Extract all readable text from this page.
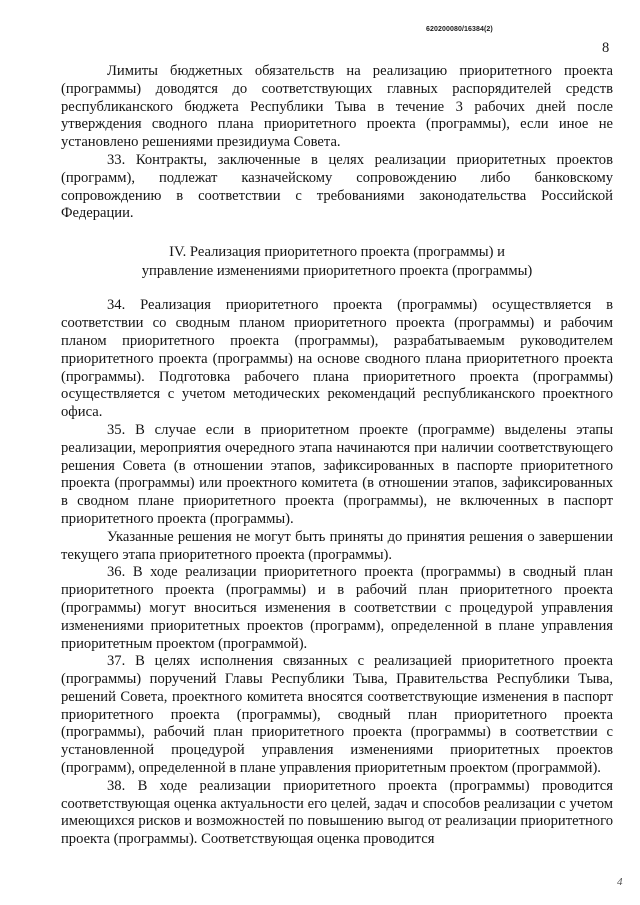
620200080/16384(2)
8

Лимиты бюджетных обязательств на реализацию приоритетного проекта (программы) доводятся до соответствующих главных распорядителей средств республиканского бюджета Республики Тыва в течение 3 рабочих дней после утверждения сводного плана приоритетного проекта (программы), если иное не установлено решениями президиума Совета.

33. Контракты, заключенные в целях реализации приоритетных проектов (программ), подлежат казначейскому сопровождению либо банковскому сопровождению в соответствии с требованиями законодательства Российской Федерации.

IV. Реализация приоритетного проекта (программы) и
управление изменениями приоритетного проекта (программы)

34. Реализация приоритетного проекта (программы) осуществляется в соответствии со сводным планом приоритетного проекта (программы) и рабочим планом приоритетного проекта (программы), разрабатываемым руководителем приоритетного проекта (программы) на основе сводного плана приоритетного проекта (программы). Подготовка рабочего плана приоритетного проекта (программы) осуществляется с учетом методических рекомендаций республиканского проектного офиса.

35. В случае если в приоритетном проекте (программе) выделены этапы реализации, мероприятия очередного этапа начинаются при наличии соответствующего решения Совета (в отношении этапов, зафиксированных в паспорте приоритетного проекта (программы) или проектного комитета (в отношении этапов, зафиксированных в сводном плане приоритетного проекта (программы), не включенных в паспорт приоритетного проекта (программы).

Указанные решения не могут быть приняты до принятия решения о завершении текущего этапа приоритетного проекта (программы).

36. В ходе реализации приоритетного проекта (программы) в сводный план приоритетного проекта (программы) и в рабочий план приоритетного проекта (программы) могут вноситься изменения в соответствии с процедурой управления изменениями приоритетных проектов (программ), определенной в плане управления приоритетным проектом (программой).

37. В целях исполнения связанных с реализацией приоритетного проекта (программы) поручений Главы Республики Тыва, Правительства Республики Тыва, решений Совета, проектного комитета вносятся соответствующие изменения в паспорт приоритетного проекта (программы), сводный план приоритетного проекта (программы), рабочий план приоритетного проекта (программы) в соответствии с установленной процедурой управления изменениями приоритетных проектов (программ), определенной в плане управления приоритетным проектом (программой).

38. В ходе реализации приоритетного проекта (программы) проводится соответствующая оценка актуальности его целей, задач и способов реализации с учетом имеющихся рисков и возможностей по повышению выгод от реализации приоритетного проекта (программы). Соответствующая оценка проводится

4
